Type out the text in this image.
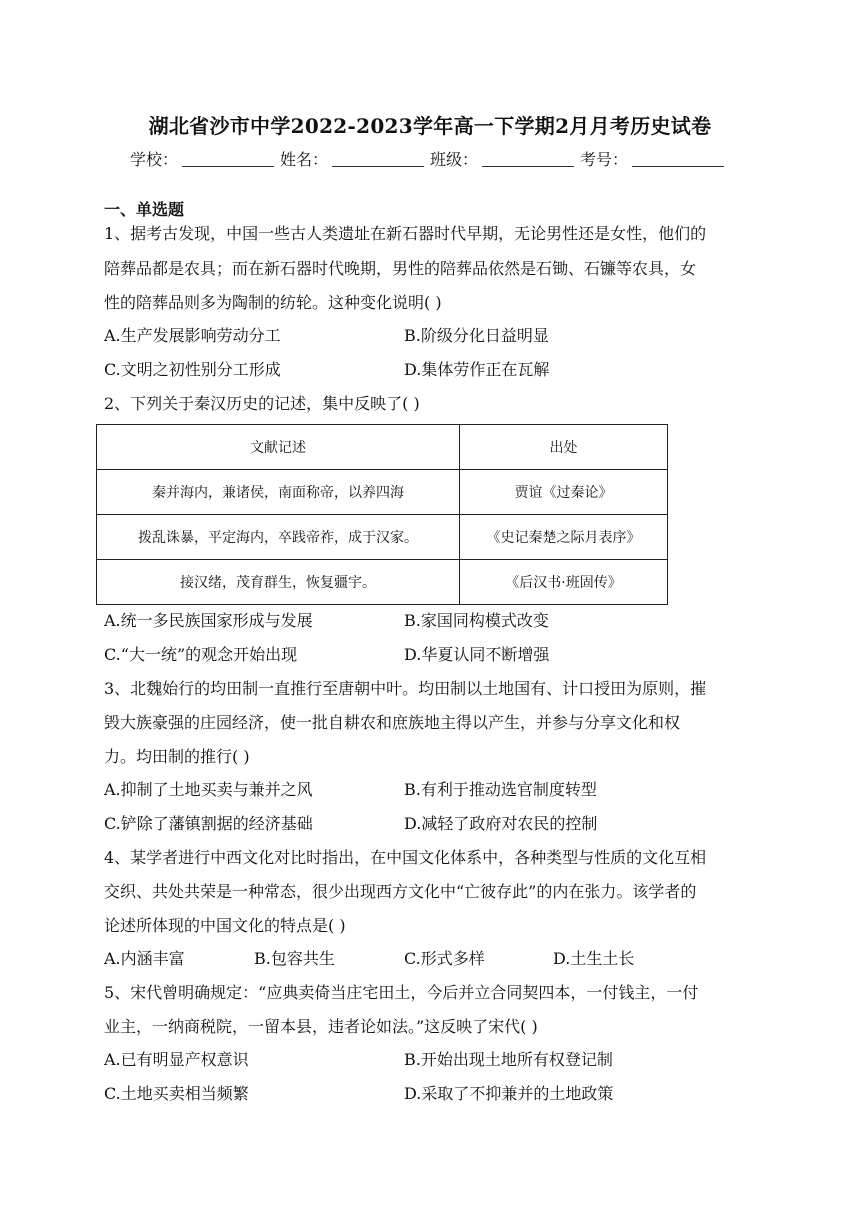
湖北省沙市中学2022-2023学年高一下学期2月月考历史试卷
学校：	姓名：	班级：	考号：
一、单选题
1、据考古发现，中国一些古人类遗址在新石器时代早期，无论男性还是女性，他们的
陪葬品都是农具；而在新石器时代晚期，男性的陪葬品依然是石锄、石镰等农具，女
性的陪葬品则多为陶制的纺轮。这种变化说明( )
A.生产发展影响劳动分工	B.阶级分化日益明显
C.文明之初性别分工形成	D.集体劳作正在瓦解
2、下列关于秦汉历史的记述，集中反映了( )
文献记述	出处
秦并海内，兼诸侯，南面称帝，以养四海	贾谊《过秦论》
拨乱诛暴，平定海内，卒践帝祚，成于汉家。	《史记秦楚之际月表序》
接汉绪，茂育群生，恢复疆宇。	《后汉书·班固传》
A.统一多民族国家形成与发展	B.家国同构模式改变
C.“大一统”的观念开始出现	D.华夏认同不断增强
3、北魏始行的均田制一直推行至唐朝中叶。均田制以土地国有、计口授田为原则，摧
毁大族豪强的庄园经济，使一批自耕农和庶族地主得以产生，并参与分享文化和权
力。均田制的推行( )
A.抑制了土地买卖与兼并之风	B.有利于推动选官制度转型
C.铲除了藩镇割据的经济基础	D.减轻了政府对农民的控制
4、某学者进行中西文化对比时指出，在中国文化体系中，各种类型与性质的文化互相
交织、共处共荣是一种常态，很少出现西方文化中“亡彼存此”的内在张力。该学者的
论述所体现的中国文化的特点是( )
A.内涵丰富	B.包容共生	C.形式多样	D.土生土长
5、宋代曾明确规定：“应典卖倚当庄宅田土，今后并立合同契四本，一付钱主，一付
业主，一纳商税院，一留本县，违者论如法。”这反映了宋代( )
A.已有明显产权意识	B.开始出现土地所有权登记制
C.土地买卖相当频繁	D.采取了不抑兼并的土地政策
